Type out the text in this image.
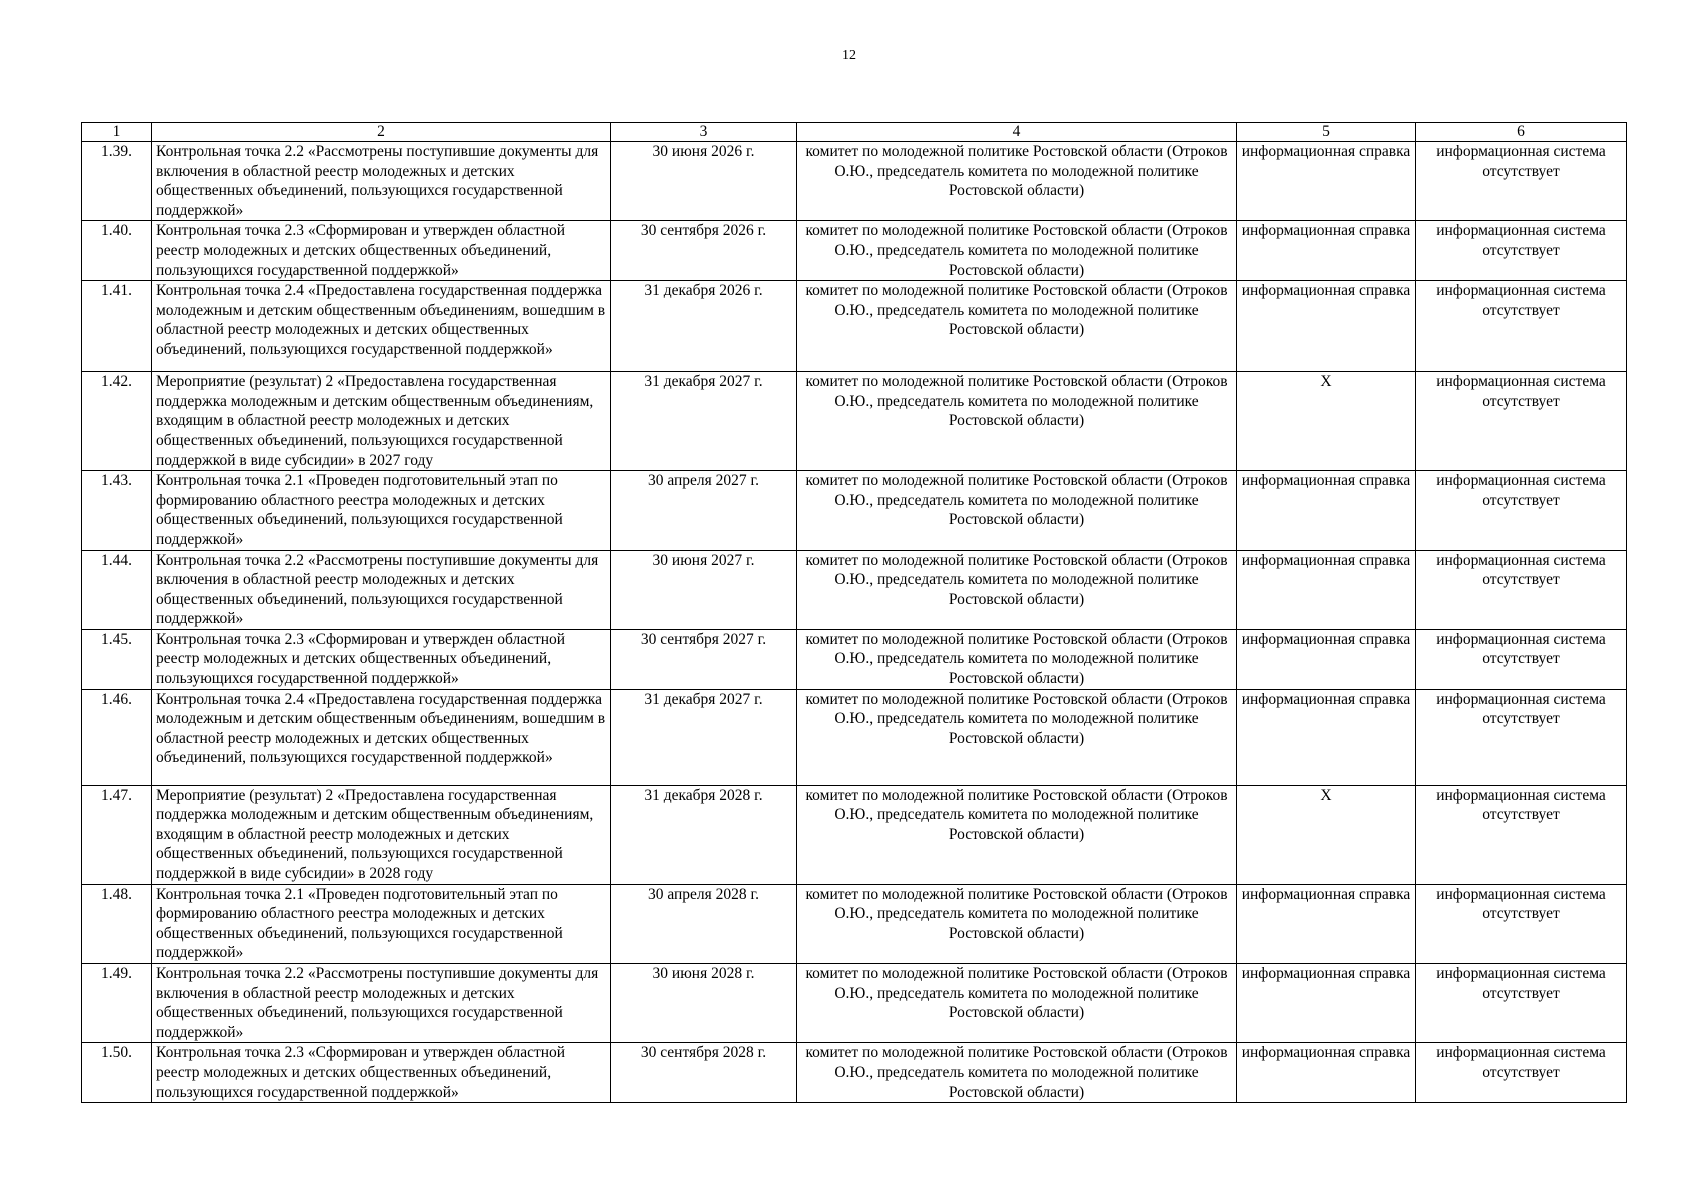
12
1	2	3	4	5	6
1.39.	Контрольная точка 2.2 «Рассмотрены поступившие документы для включения в областной реестр молодежных и детских общественных объединений, пользующихся государственной поддержкой»	30 июня 2026 г.	комитет по молодежной политике Ростовской области (Отроков О.Ю., председатель комитета по молодежной политике Ростовской области)	информационная справка	информационная система отсутствует
1.40.	Контрольная точка 2.3 «Сформирован и утвержден областной реестр молодежных и детских общественных объединений, пользующихся государственной поддержкой»	30 сентября 2026 г.	комитет по молодежной политике Ростовской области (Отроков О.Ю., председатель комитета по молодежной политике Ростовской области)	информационная справка	информационная система отсутствует
1.41.	Контрольная точка 2.4 «Предоставлена государственная поддержка молодежным и детским общественным объединениям, вошедшим в областной реестр молодежных и детских общественных объединений, пользующихся государственной поддержкой»	31 декабря 2026 г.	комитет по молодежной политике Ростовской области (Отроков О.Ю., председатель комитета по молодежной политике Ростовской области)	информационная справка	информационная система отсутствует
1.42.	Мероприятие (результат) 2 «Предоставлена государственная поддержка молодежным и детским общественным объединениям, входящим в областной реестр молодежных и детских общественных объединений, пользующихся государственной поддержкой в виде субсидии» в 2027 году	31 декабря 2027 г.	комитет по молодежной политике Ростовской области (Отроков О.Ю., председатель комитета по молодежной политике Ростовской области)	X	информационная система отсутствует
1.43.	Контрольная точка 2.1 «Проведен подготовительный этап по формированию областного реестра молодежных и детских общественных объединений, пользующихся государственной поддержкой»	30 апреля 2027 г.	комитет по молодежной политике Ростовской области (Отроков О.Ю., председатель комитета по молодежной политике Ростовской области)	информационная справка	информационная система отсутствует
1.44.	Контрольная точка 2.2 «Рассмотрены поступившие документы для включения в областной реестр молодежных и детских общественных объединений, пользующихся государственной поддержкой»	30 июня 2027 г.	комитет по молодежной политике Ростовской области (Отроков О.Ю., председатель комитета по молодежной политике Ростовской области)	информационная справка	информационная система отсутствует
1.45.	Контрольная точка 2.3 «Сформирован и утвержден областной реестр молодежных и детских общественных объединений, пользующихся государственной поддержкой»	30 сентября 2027 г.	комитет по молодежной политике Ростовской области (Отроков О.Ю., председатель комитета по молодежной политике Ростовской области)	информационная справка	информационная система отсутствует
1.46.	Контрольная точка 2.4 «Предоставлена государственная поддержка молодежным и детским общественным объединениям, вошедшим в областной реестр молодежных и детских общественных объединений, пользующихся государственной поддержкой»	31 декабря 2027 г.	комитет по молодежной политике Ростовской области (Отроков О.Ю., председатель комитета по молодежной политике Ростовской области)	информационная справка	информационная система отсутствует
1.47.	Мероприятие (результат) 2 «Предоставлена государственная поддержка молодежным и детским общественным объединениям, входящим в областной реестр молодежных и детских общественных объединений, пользующихся государственной поддержкой в виде субсидии» в 2028 году	31 декабря 2028 г.	комитет по молодежной политике Ростовской области (Отроков О.Ю., председатель комитета по молодежной политике Ростовской области)	X	информационная система отсутствует
1.48.	Контрольная точка 2.1 «Проведен подготовительный этап по формированию областного реестра молодежных и детских общественных объединений, пользующихся государственной поддержкой»	30 апреля 2028 г.	комитет по молодежной политике Ростовской области (Отроков О.Ю., председатель комитета по молодежной политике Ростовской области)	информационная справка	информационная система отсутствует
1.49.	Контрольная точка 2.2 «Рассмотрены поступившие документы для включения в областной реестр молодежных и детских общественных объединений, пользующихся государственной поддержкой»	30 июня 2028 г.	комитет по молодежной политике Ростовской области (Отроков О.Ю., председатель комитета по молодежной политике Ростовской области)	информационная справка	информационная система отсутствует
1.50.	Контрольная точка 2.3 «Сформирован и утвержден областной реестр молодежных и детских общественных объединений, пользующихся государственной поддержкой»	30 сентября 2028 г.	комитет по молодежной политике Ростовской области (Отроков О.Ю., председатель комитета по молодежной политике Ростовской области)	информационная справка	информационная система отсутствует
